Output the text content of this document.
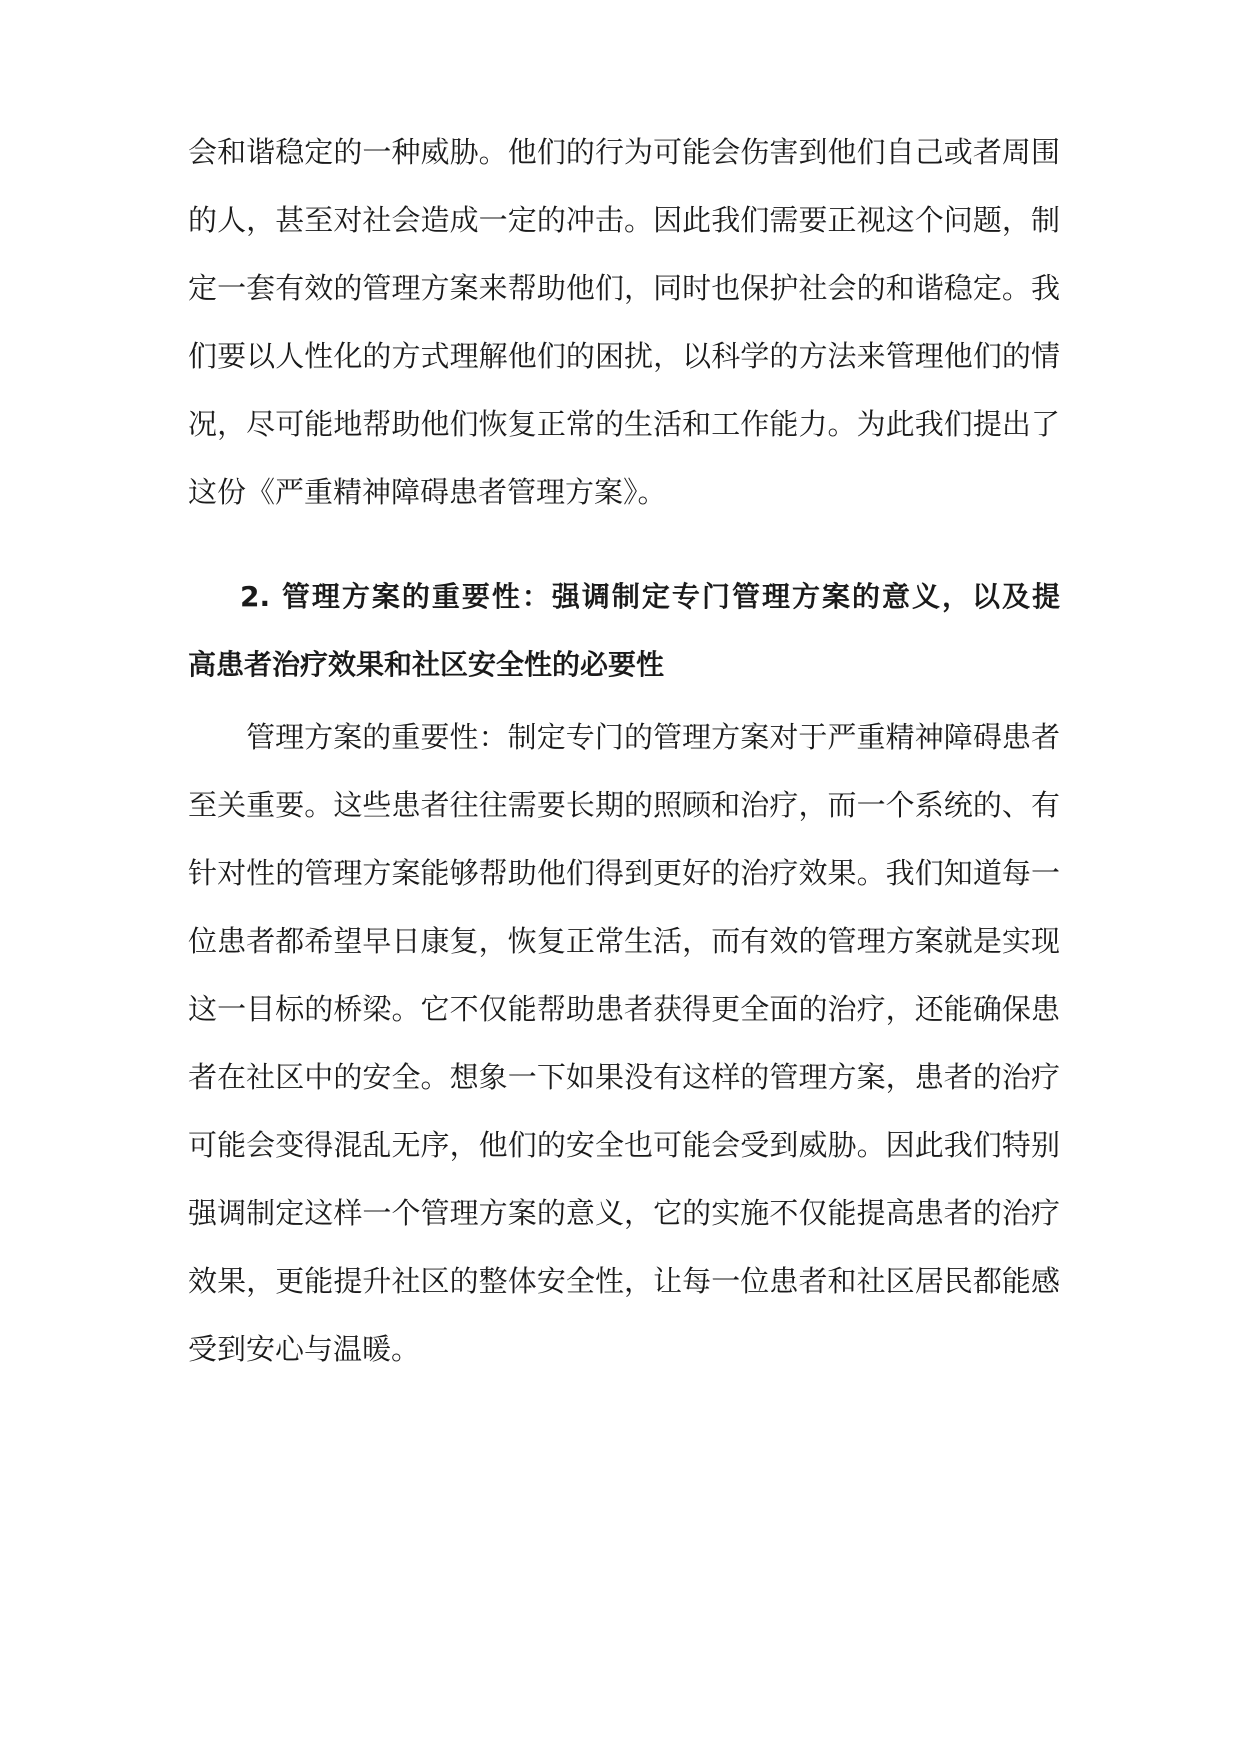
会和谐稳定的一种威胁。他们的行为可能会伤害到他们自己或者周围
的人，甚至对社会造成一定的冲击。因此我们需要正视这个问题，制
定一套有效的管理方案来帮助他们，同时也保护社会的和谐稳定。我
们要以人性化的方式理解他们的困扰，以科学的方法来管理他们的情
况，尽可能地帮助他们恢复正常的生活和工作能力。为此我们提出了
这份《严重精神障碍患者管理方案》。
2. 管理方案的重要性：强调制定专门管理方案的意义，以及提
高患者治疗效果和社区安全性的必要性
管理方案的重要性：制定专门的管理方案对于严重精神障碍患者
至关重要。这些患者往往需要长期的照顾和治疗，而一个系统的、有
针对性的管理方案能够帮助他们得到更好的治疗效果。我们知道每一
位患者都希望早日康复，恢复正常生活，而有效的管理方案就是实现
这一目标的桥梁。它不仅能帮助患者获得更全面的治疗，还能确保患
者在社区中的安全。想象一下如果没有这样的管理方案，患者的治疗
可能会变得混乱无序，他们的安全也可能会受到威胁。因此我们特别
强调制定这样一个管理方案的意义，它的实施不仅能提高患者的治疗
效果，更能提升社区的整体安全性，让每一位患者和社区居民都能感
受到安心与温暖。
